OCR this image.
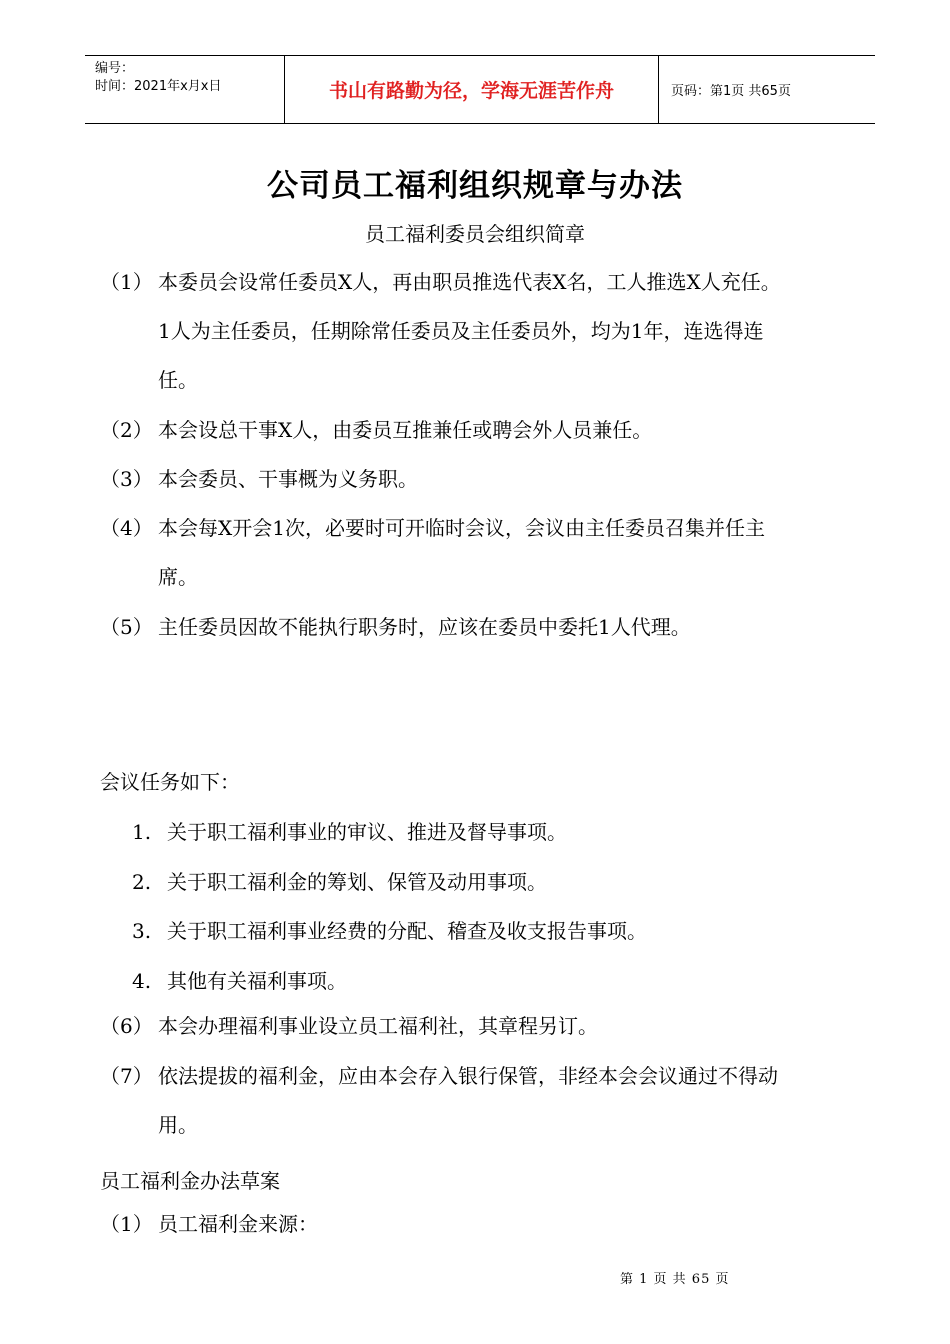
编号：
时间：2021年x月x日	书山有路勤为径，学海无涯苦作舟	页码：第1页 共65页
公司员工福利组织规章与办法
员工福利委员会组织简章
（1） 本委员会设常任委员X人，再由职员推选代表X名，工人推选X人充任。
1人为主任委员，任期除常任委员及主任委员外，均为1年，连选得连
任。
（2） 本会设总干事X人，由委员互推兼任或聘会外人员兼任。
（3） 本会委员、干事概为义务职。
（4） 本会每X开会1次，必要时可开临时会议，会议由主任委员召集并任主
席。
（5） 主任委员因故不能执行职务时，应该在委员中委托1人代理。
会议任务如下：
1. 关于职工福利事业的审议、推进及督导事项。
2. 关于职工福利金的筹划、保管及动用事项。
3. 关于职工福利事业经费的分配、稽查及收支报告事项。
4. 其他有关福利事项。
（6） 本会办理福利事业设立员工福利社，其章程另订。
（7） 依法提拔的福利金，应由本会存入银行保管，非经本会会议通过不得动
用。
员工福利金办法草案
（1） 员工福利金来源：
第 1 页 共 65 页
